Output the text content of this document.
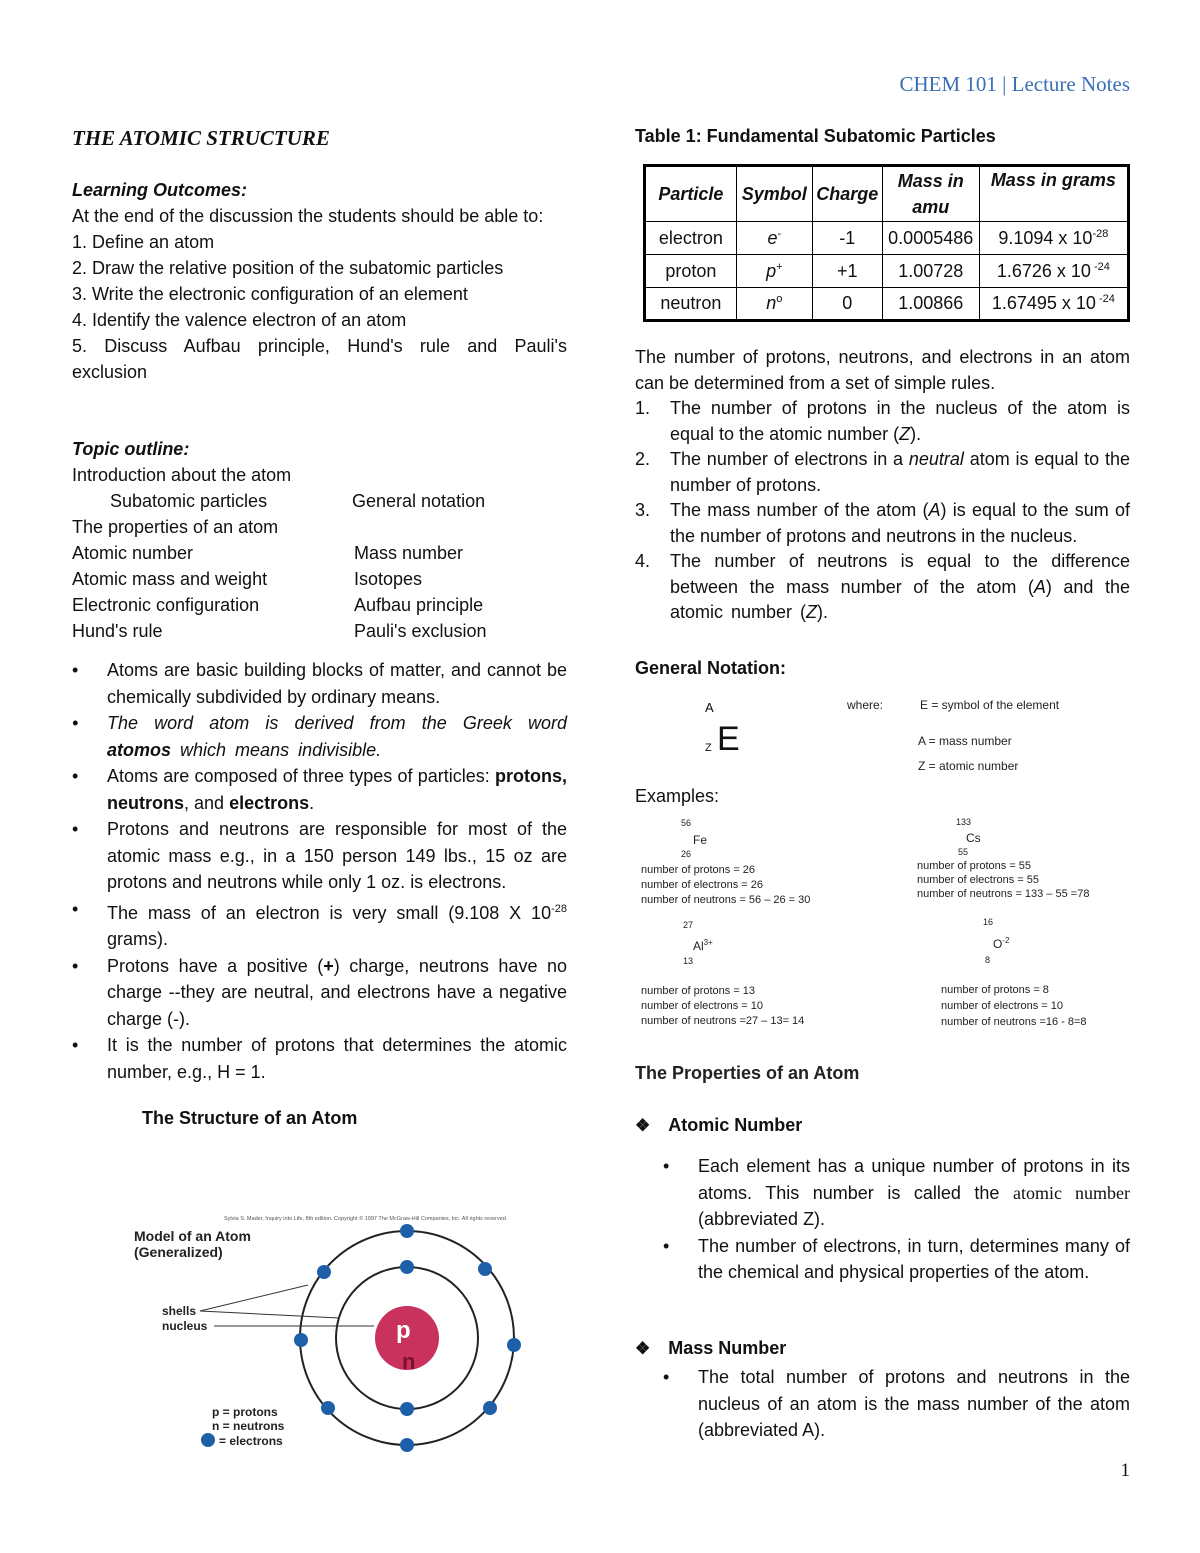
CHEM 101 | Lecture Notes
THE ATOMIC STRUCTURE
Learning Outcomes:
At the end of the discussion the students should be able to:
1. Define an atom
2. Draw the relative position of the subatomic particles
3. Write the electronic configuration of an element
4. Identify the valence electron of an atom
5. Discuss Aufbau principle, Hund's rule and Pauli's exclusion
Topic outline:
Introduction about the atom
Subatomic particles	General notation
The properties of an atom
Atomic number	Mass number
Atomic mass and weight	Isotopes
Electronic configuration	Aufbau principle
Hund's rule	Pauli's exclusion
• Atoms are basic building blocks of matter, and cannot be chemically subdivided by ordinary means.
• The word atom is derived from the Greek word atomos which means indivisible.
• Atoms are composed of three types of particles: protons, neutrons, and electrons.
• Protons and neutrons are responsible for most of the atomic mass e.g., in a 150 person 149 lbs., 15 oz are protons and neutrons while only 1 oz. is electrons.
• The mass of an electron is very small (9.108 X $10^{-28}$ grams).
• Protons have a positive (+) charge, neutrons have no charge --they are neutral, and electrons have a negative charge (-).
• It is the number of protons that determines the atomic number, e.g., H = 1.
The Structure of an Atom
Sylvia S. Mader, Inquiry into Life, 8th edition. Copyright © 1997 The McGraw-Hill Companies, Inc. All rights reserved.
Model of an Atom
(Generalized)
shells
nucleus	p
n
p = protons
n = neutrons
= electrons
Table 1: Fundamental Subatomic Particles
Particle	Symbol	Charge	Mass in amu	Mass in grams
electron	e-	-1	0.0005486	9.1094 x $10^{-28}$
proton	p+	+1	1.00728	1.6726 x 10 $^{-24}$
neutron	$n^o$	0	1.00866	1.67495 x 10 $^{-24}$
The number of protons, neutrons, and electrons in an atom can be determined from a set of simple rules.
1. The number of protons in the nucleus of the atom is equal to the atomic number (Z).
2. The number of electrons in a neutral atom is equal to the number of protons.
3. The mass number of the atom (A) is equal to the sum of the number of protons and neutrons in the nucleus.
4. The number of neutrons is equal to the difference between the mass number of the atom (A) and the atomic number (Z).
General Notation:
A
Z E
where:	E = symbol of the element
A = mass number
Z = atomic number
Examples:
56
Fe
26
number of protons = 26
number of electrons = 26
number of neutrons = 56 – 26 = 30
133
Cs
55
number of protons = 55
number of electrons = 55
number of neutrons = 133 – 55 =78
27
$Al^{3+}$
13
number of protons = 13
number of electrons = 10
number of neutrons =27 – 13= 14
16
$O^{-2}$
8
number of protons = 8
number of electrons = 10
number of neutrons =16 - 8=8
The Properties of an Atom
❖ Atomic Number
• Each element has a unique number of protons in its atoms. This number is called the atomic number (abbreviated Z).
• The number of electrons, in turn, determines many of the chemical and physical properties of the atom.
❖ Mass Number
• The total number of protons and neutrons in the nucleus of an atom is the mass number of the atom (abbreviated A).
1
